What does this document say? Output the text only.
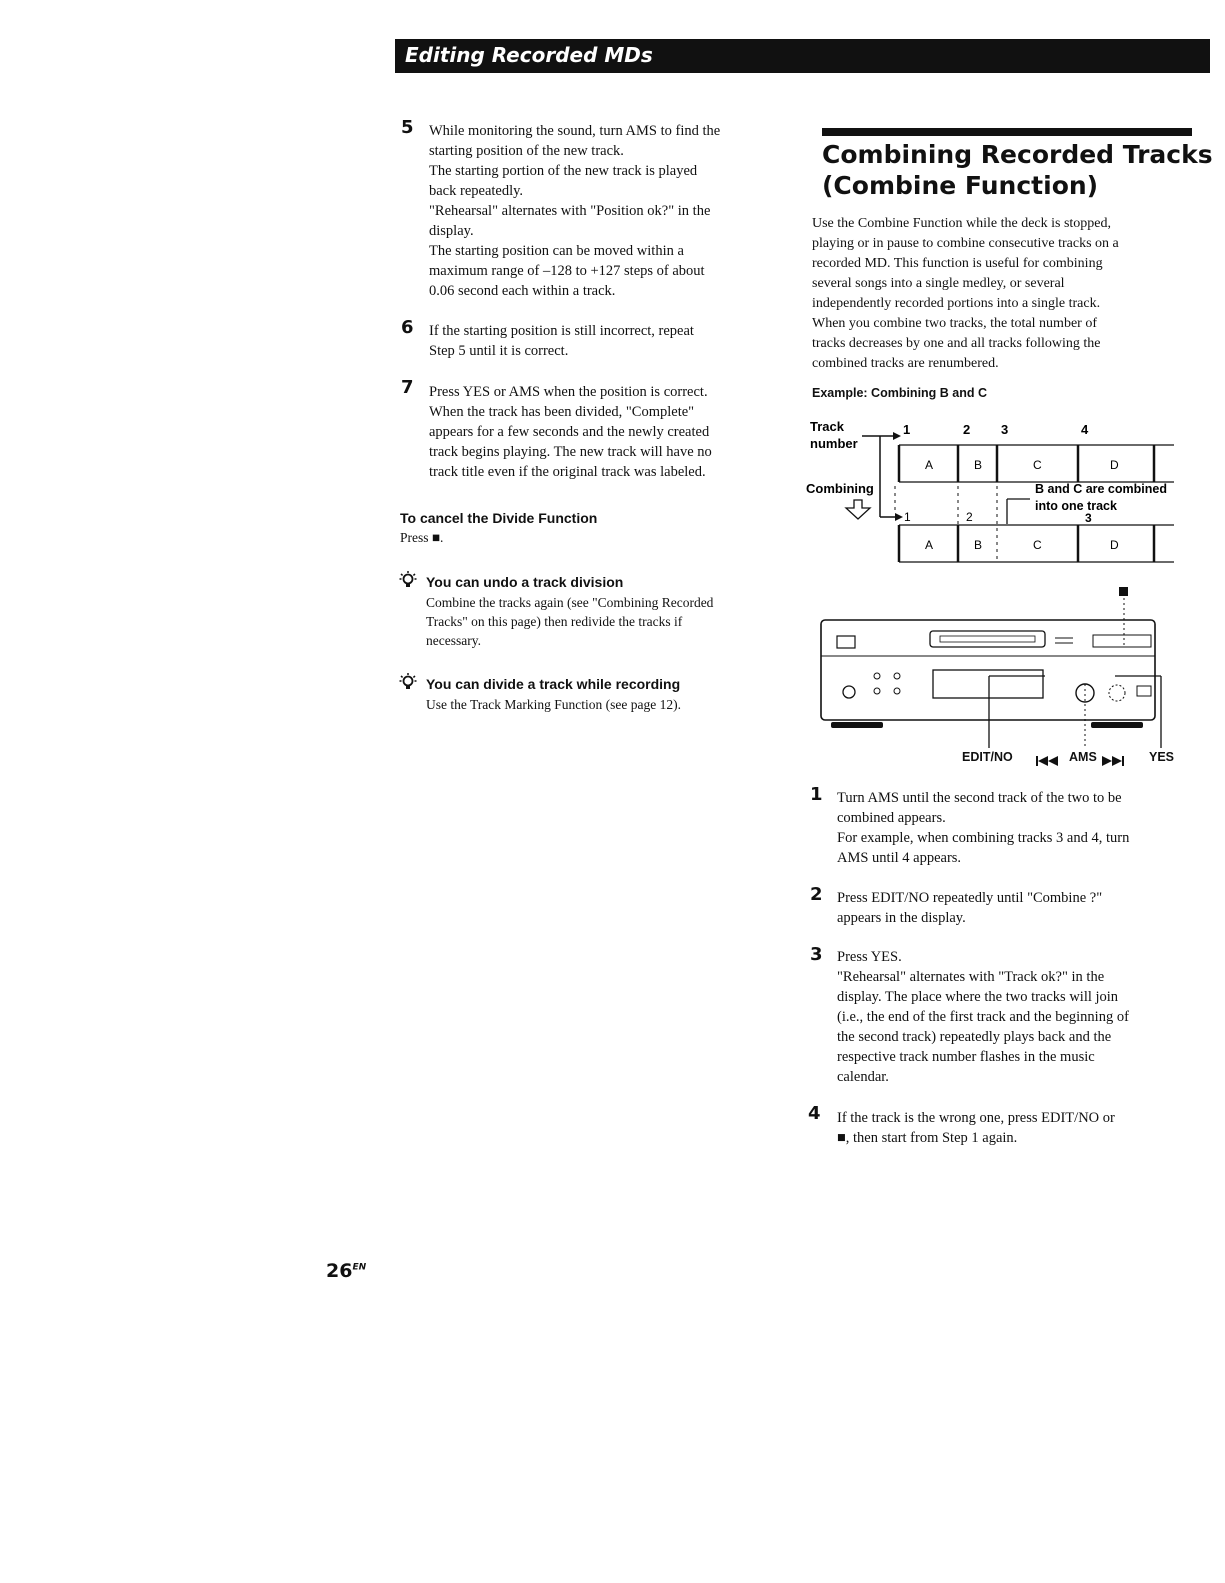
Editing Recorded MDs
5 While monitoring the sound, turn AMS to find the

starting position of the new track.

The starting portion of the new track is played

back repeatedly.

"Rehearsal" alternates with "Position ok?" in the

display.

The starting position can be moved within a

maximum range of –128 to +127 steps of about

0.06 second each within a track.

6 If the starting position is still incorrect, repeat

Step 5 until it is correct.

7 Press YES or AMS when the position is correct.

When the track has been divided, "Complete"

appears for a few seconds and the newly created

track begins playing. The new track will have no

track title even if the original track was labeled.

To cancel the Divide Function
Press ■.
You can undo a track division
Combine the tracks again (see "Combining Recorded
Tracks" on this page) then redivide the tracks if
necessary.
You can divide a track while recording
Use the Track Marking Function (see page 12).
Combining Recorded Tracks
(Combine Function)

Use the Combine Function while the deck is stopped,

playing or in pause to combine consecutive tracks on a

recorded MD. This function is useful for combining

several songs into a single medley, or several

independently recorded portions into a single track.

When you combine two tracks, the total number of

tracks decreases by one and all tracks following the

combined tracks are renumbered.

Example: Combining B and C
Track
number
1	2 3	4
A	B	C	D
Combining	B and C are combined
into one track
1	2	3
A	B	C	D
EDIT/NO	AMS	YES
1 Turn AMS until the second track of the two to be

combined appears.

For example, when combining tracks 3 and 4, turn

AMS until 4 appears.

2 Press EDIT/NO repeatedly until "Combine ?"

appears in the display.

3 Press YES.

"Rehearsal" alternates with "Track ok?" in the

display. The place where the two tracks will join

(i.e., the end of the first track and the beginning of

the second track) repeatedly plays back and the

respective track number flashes in the music

calendar.

4 If the track is the wrong one, press EDIT/NO or

■, then start from Step 1 again.

$26^{EN}$
